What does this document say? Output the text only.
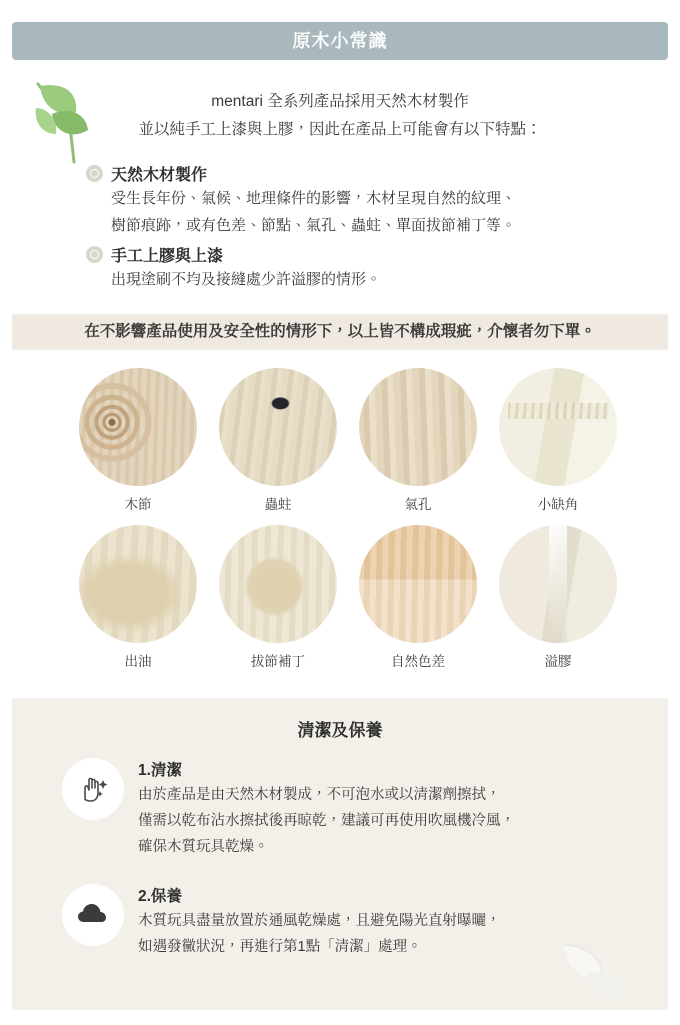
原木小常識
mentari 全系列產品採用天然木材製作
並以純手工上漆與上膠，因此在產品上可能會有以下特點：
天然木材製作
受生長年份、氣候、地理條件的影響，木材呈現自然的紋理、
樹節痕跡，或有色差、節點、氣孔、蟲蛀、單面拔節補丁等。
手工上膠與上漆
出現塗刷不均及接縫處少許溢膠的情形。
在不影響產品使用及安全性的情形下，以上皆不構成瑕疵，介懷者勿下單。
木節	蟲蛀	氣孔	小缺角
出油	拔節補丁	自然色差	溢膠
清潔及保養
1.清潔
由於產品是由天然木材製成，不可泡水或以清潔劑擦拭，
僅需以乾布沾水擦拭後再晾乾，建議可再使用吹風機冷風，
確保木質玩具乾燥。
2.保養
木質玩具盡量放置於通風乾燥處，且避免陽光直射曝曬，
如遇發黴狀況，再進行第1點「清潔」處理。
